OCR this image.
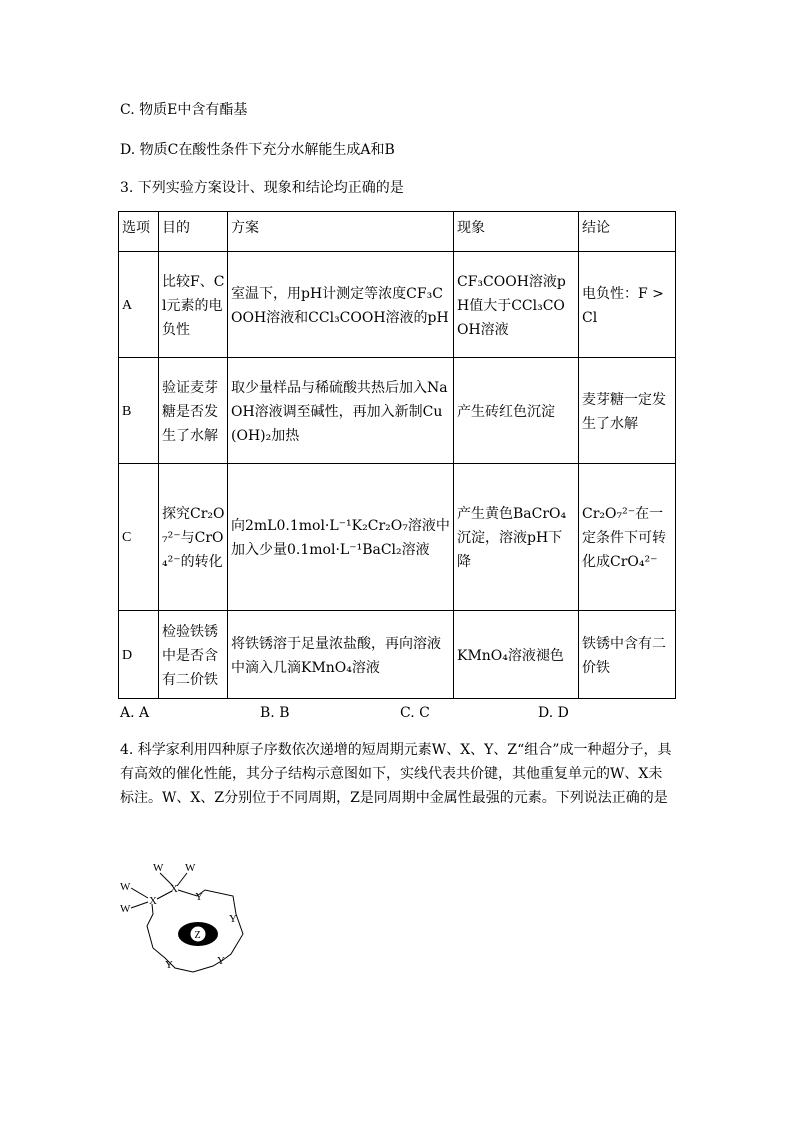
C. 物质E中含有酯基
D. 物质C在酸性条件下充分水解能生成A和B
3. 下列实验方案设计、现象和结论均正确的是
选项	目的	方案	现象	结论
A	比较F、Cl元素的电负性	室温下，用pH计测定等浓度CF₃COOH溶液和CCl₃COOH溶液的pH	CF₃COOH溶液pH值大于CCl₃COOH溶液	电负性：F > Cl
B	验证麦芽糖是否发生了水解	取少量样品与稀硫酸共热后加入NaOH溶液调至碱性，再加入新制Cu(OH)₂加热	产生砖红色沉淀	麦芽糖一定发生了水解
C	探究Cr₂O₇²⁻与CrO₄²⁻的转化	向2mL0.1mol·L⁻¹K₂Cr₂O₇溶液中加入少量0.1mol·L⁻¹BaCl₂溶液	产生黄色BaCrO₄沉淀，溶液pH下降	Cr₂O₇²⁻在一定条件下可转化成CrO₄²⁻
D	检验铁锈中是否含有二价铁	将铁锈溶于足量浓盐酸，再向溶液中滴入几滴KMnO₄溶液	KMnO₄溶液褪色	铁锈中含有二价铁
A. A	B. B	C. C	D. D
4. 科学家利用四种原子序数依次递增的短周期元素W、X、Y、Z“组合”成一种超分子，具有高效的催化性能，其分子结构示意图如下，实线代表共价键，其他重复单元的W、X未标注。W、X、Z分别位于不同周期，Z是同周期中金属性最强的元素。下列说法正确的是
W W
W
W
X
X	Y
Y
Y
Y
Z
